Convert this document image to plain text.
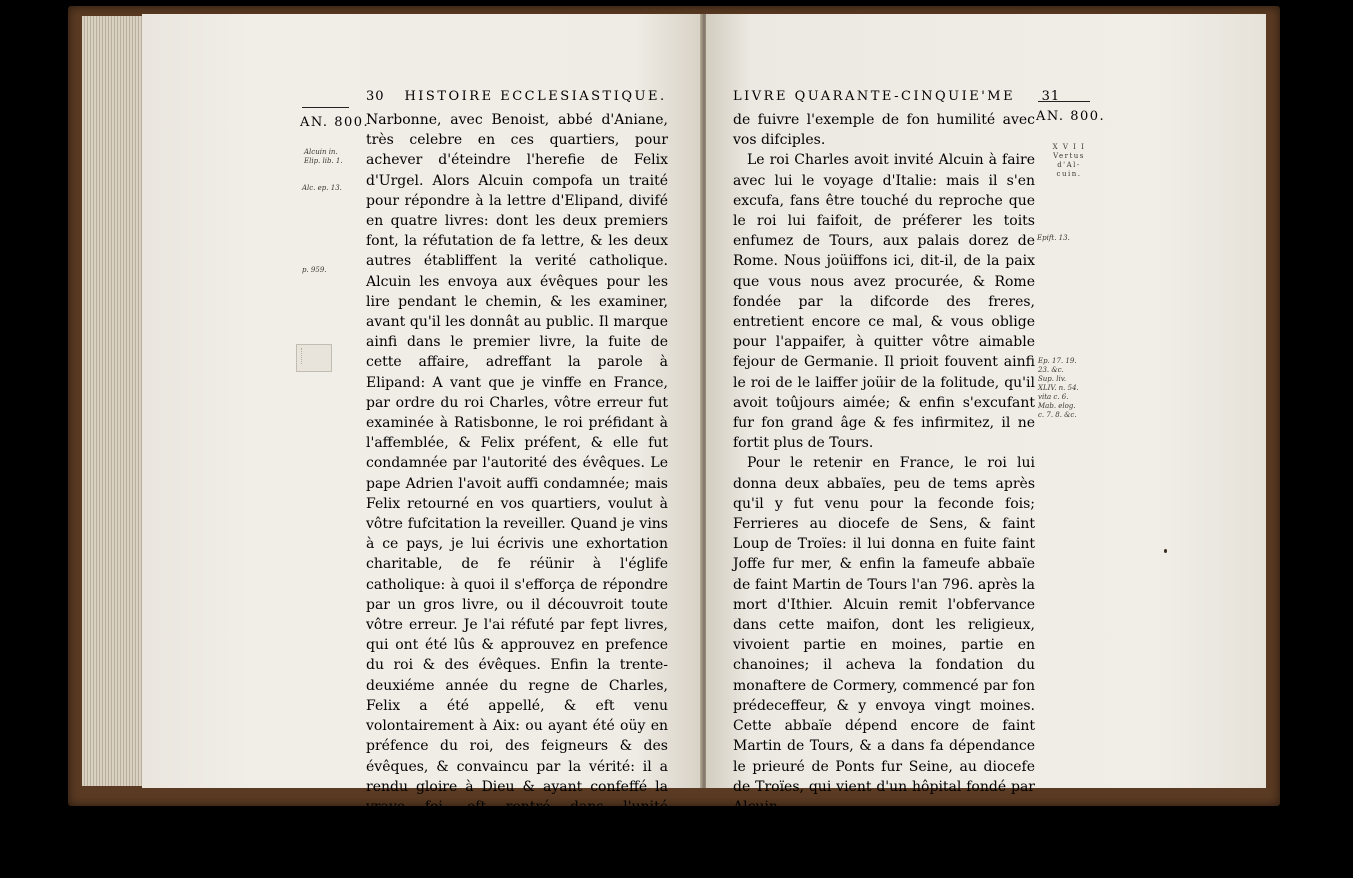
30 HISTOIRE ECCLESIASTIQUE.
AN. 800.
Alcuin in.
Elip. lib. 1.
Alc. ep. 13.
p. 959.

Narbonne, avec Benoist, abbé d'Aniane, très celebre en ces quartiers, pour achever d'éteindre l'herefie de Felix d'Urgel. Alors Alcuin compofa un traité pour répondre à la lettre d'Elipand, divifé en quatre livres: dont les deux premiers font, la réfutation de fa lettre, & les deux autres établiffent la verité catholique. Alcuin les envoya aux évêques pour les lire pendant le chemin, & les examiner, avant qu'il les donnât au public. Il marque ainfi dans le premier livre, la fuite de cette affaire, adreffant la parole à Elipand: A vant que je vinffe en France, par ordre du roi Charles, vôtre erreur fut examinée à Ratisbonne, le roi préfidant à l'affemblée, & Felix préfent, & elle fut condamnée par l'autorité des évêques. Le pape Adrien l'avoit auffi condamnée; mais Felix retourné en vos quartiers, voulut à vôtre fufcitation la reveiller. Quand je vins à ce pays, je lui écrivis une exhortation charitable, de fe réünir à l'églife catholique: à quoi il s'efforça de répondre par un gros livre, ou il découvroit toute vôtre erreur. Je l'ai réfuté par fept livres, qui ont été lûs & approuvez en prefence du roi & des évêques. Enfin la trente-deuxiéme année du regne de Charles, Felix a été appellé, & eft venu volontairement à Aix: ou ayant été oüy en préfence du roi, des feigneurs & des évêques, & convaincu par la vérité: il a rendu gloire à Dieu & ayant confeffé la vraye foi, eft rentré dans l'unité catholique, avec fes difciples qui étoient préfens. Je vous confeille, mon venerable pere,

LIVRE QUARANTE-CINQUIE'ME 31
AN. 800.
X V I I
Vertus d'Al-
cuin.
Epift. 13.
Ep. 17. 19.
23. &c.
Sup. liv.
XLIV. n. 54.
vita c. 6.
Mab. elog.
c. 7. 8. &c.

de fuivre l'exemple de fon humilité avec vos difciples.

Le roi Charles avoit invité Alcuin à faire avec lui le voyage d'Italie: mais il s'en excufa, fans être touché du reproche que le roi lui faifoit, de préferer les toits enfumez de Tours, aux palais dorez de Rome. Nous joüiffons ici, dit-il, de la paix que vous nous avez procurée, & Rome fondée par la difcorde des freres, entretient encore ce mal, & vous oblige pour l'appaifer, à quitter vôtre aimable fejour de Germanie. Il prioit fouvent ainfi le roi de le laiffer joüir de la folitude, qu'il avoit toûjours aimée; & enfin s'excufant fur fon grand âge & fes infirmitez, il ne fortit plus de Tours.

Pour le retenir en France, le roi lui donna deux abbaïes, peu de tems après qu'il y fut venu pour la feconde fois; Ferrieres au diocefe de Sens, & faint Loup de Troïes: il lui donna en fuite faint Joffe fur mer, & enfin la fameufe abbaïe de faint Martin de Tours l'an 796. après la mort d'Ithier. Alcuin remit l'obfervance dans cette maifon, dont les religieux, vivoient partie en moines, partie en chanoines; il acheva la fondation du monaftere de Cormery, commencé par fon prédeceffeur, & y envoya vingt moines. Cette abbaïe dépend encore de faint Martin de Tours, & a dans fa dépendance le prieuré de Ponts fur Seine, au diocefe de Troïes, qui vient d'un hôpital fondé par Alcuin.

Il avoit la difpofition du revenu de fes abbayes,
